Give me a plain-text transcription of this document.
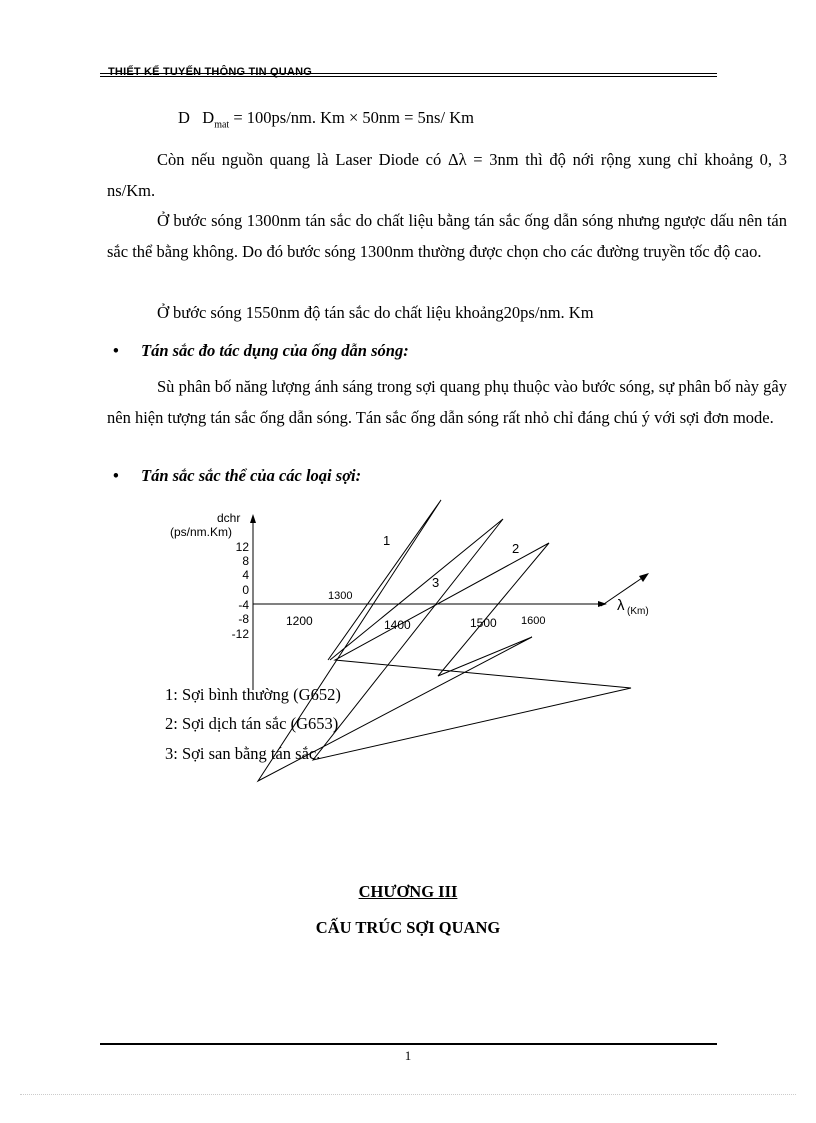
THIẾT KẾ TUYẾN THÔNG TIN QUANG
D $D_{mat} = 100ps/nm$. Km × 50nm = 5ns/ Km

Còn nếu nguồn quang là Laser Diode có Δλ = 3nm thì độ nới rộng xung chỉ khoảng 0, 3 ns/Km.

Ở bước sóng 1300nm tán sắc do chất liệu bằng tán sắc ống dẫn sóng nhưng ngược dấu nên tán sắc thể bằng không. Do đó bước sóng 1300nm thường được chọn cho các đường truyền tốc độ cao.

Ở bước sóng 1550nm độ tán sắc do chất liệu khoảng20ps/nm. Km

• Tán sắc đo tác dụng của ống dẫn sóng:

Sù phân bố năng lượng ánh sáng trong sợi quang phụ thuộc vào bước sóng, sự phân bố này gây nên hiện tượng tán sắc ống dẫn sóng. Tán sắc ống dẫn sóng rất nhỏ chỉ đáng chú ý với sợi đơn mode.

• Tán sắc sắc thể của các loại sợi:
dchr
(ps/nm.Km)
12
8
4
0
-4
-8
-12
1200
1300
1400	1500 1600
λ (Km)
1
2
3
1: Sợi bình thường (G652)
2: Sợi dịch tán sắc (G653)
3: Sợi san bằng tán sắc.
CHƯƠNG III
CẤU TRÚC SỢI QUANG
1
